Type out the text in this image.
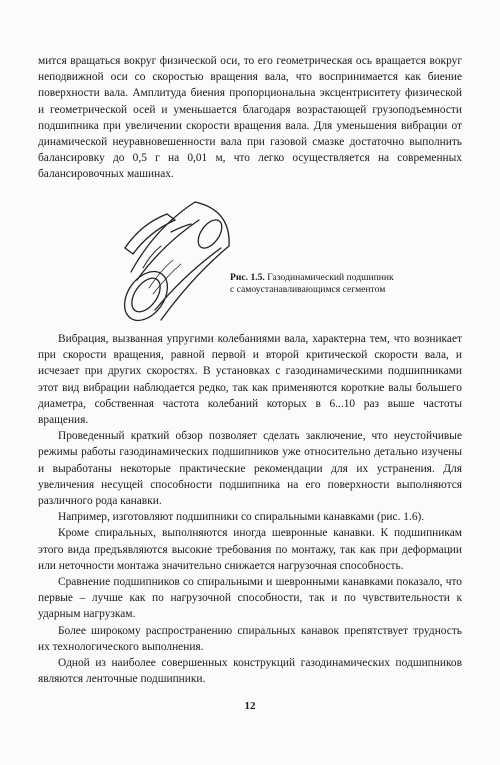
мится вращаться вокруг физической оси, то его геометрическая ось вращается вокруг неподвижной оси со скоростью вращения вала, что воспринимается как биение поверхности вала. Амплитуда биения пропорциональна эксцентриситету физической и геометрической осей и уменьшается благодаря возрастающей грузоподъемности подшипника при увеличении скорости вращения вала. Для уменьшения вибрации от динамической неуравновешенности вала при газовой смазке достаточно выполнить балансировку до 0,5 г на 0,01 м, что легко осуществляется на современных балансировочных машинах.

Рис. 1.5. Газодинамический подшипник с самоустанавливающимся сегментом

Вибрация, вызванная упругими колебаниями вала, характерна тем, что возникает при скорости вращения, равной первой и второй критической скорости вала, и исчезает при других скоростях. В установках с газодинамическими подшипниками этот вид вибрации наблюдается редко, так как применяются короткие валы большего диаметра, собственная частота колебаний которых в 6...10 раз выше частоты вращения.

Проведенный краткий обзор позволяет сделать заключение, что неустойчивые режимы работы газодинамических подшипников уже относительно детально изучены и выработаны некоторые практические рекомендации для их устранения. Для увеличения несущей способности подшипника на его поверхности выполняются различного рода канавки.

Например, изготовляют подшипники со спиральными канавками (рис. 1.6).

Кроме спиральных, выполняются иногда шевронные канавки. К подшипникам этого вида предъявляются высокие требования по монтажу, так как при деформации или неточности монтажа значительно снижается нагрузочная способность.

Сравнение подшипников со спиральными и шевронными канавками показало, что первые – лучше как по нагрузочной способности, так и по чувствительности к ударным нагрузкам.

Более широкому распространению спиральных канавок препятствует трудность их технологического выполнения.

Одной из наиболее совершенных конструкций газодинамических подшипников являются ленточные подшипники.

12
